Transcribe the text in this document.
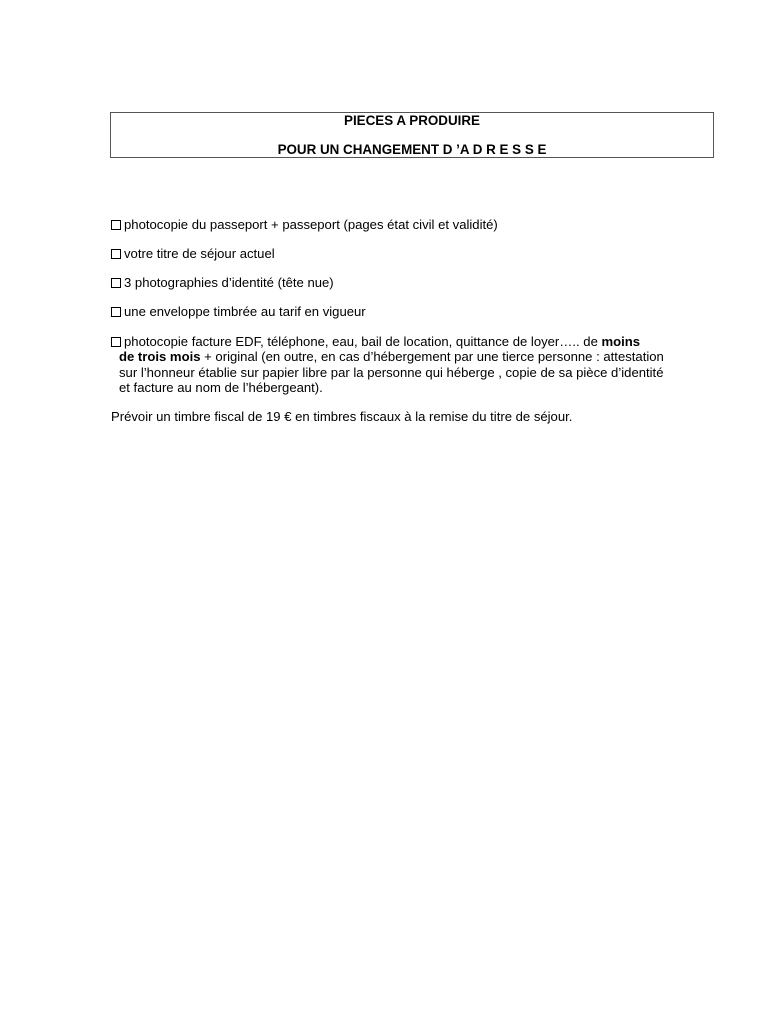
PIECES A PRODUIRE
POUR UN CHANGEMENT D ’A D R E S S E
photocopie du passeport + passeport (pages état civil et validité)
votre titre de séjour actuel
3 photographies d’identité (tête nue)
une enveloppe timbrée au tarif en vigueur
photocopie facture EDF, téléphone, eau, bail de location, quittance de loyer….. de moins
de trois mois + original (en outre, en cas d’hébergement par une tierce personne : attestation
sur l’honneur établie sur papier libre par la personne qui héberge , copie de sa pièce d’identité
et facture au nom de l’hébergeant).
Prévoir un timbre fiscal de 19 € en timbres fiscaux à la remise du titre de séjour.
